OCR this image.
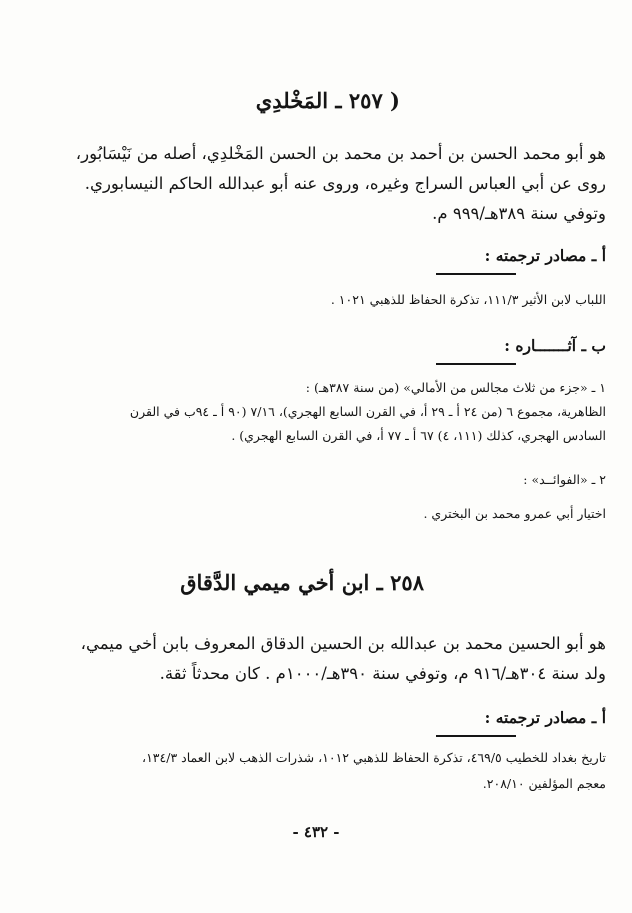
( ٢٥٧ ـ المَخْلدِي
هو أبو محمد الحسن بن أحمد بن محمد بن الحسن المَخْلدِي، أصله من نَيْسَابُور،
روى عن أبي العباس السراج وغيره، وروى عنه أبو عبدالله الحاكم النيسابوري.
وتوفي سنة ٣٨٩هـ/٩٩٩ م.
أ ـ مصادر ترجمته :
اللباب لابن الأثير ١١١/٣، تذكرة الحفاظ للذهبي ١٠٢١ .
ب ـ آثـــــــاره :
١ ـ «جزء من ثلاث مجالس من الأمالي» (من سنة ٣٨٧هـ) :
الظاهرية، مجموع ٦ (من ٢٤ أ ـ ٢٩ أ، في القرن السابع الهجري)، ٧/١٦ (٩٠ أ ـ ٩٤ب في القرن
السادس الهجري، كذلك (١١١، ٤) ٦٧ أ ـ ٧٧ أ، في القرن السابع الهجري) .
٢ ـ «الفوائــد» :
اختيار أبي عمرو محمد بن البختري .
٢٥٨ ـ ابن أخي ميمي الدَّقاق
هو أبو الحسين محمد بن عبدالله بن الحسين الدقاق المعروف بابن أخي ميمي،
ولد سنة ٣٠٤هـ/٩١٦ م، وتوفي سنة ٣٩٠هـ/١٠٠٠م . كان محدثاً ثقة.
أ ـ مصادر ترجمته :
تاريخ بغداد للخطيب ٤٦٩/٥، تذكرة الحفاظ للذهبي ١٠١٢، شذرات الذهب لابن العماد ١٣٤/٣،
معجم المؤلفين ٢٠٨/١٠.
- ٤٣٢ -
